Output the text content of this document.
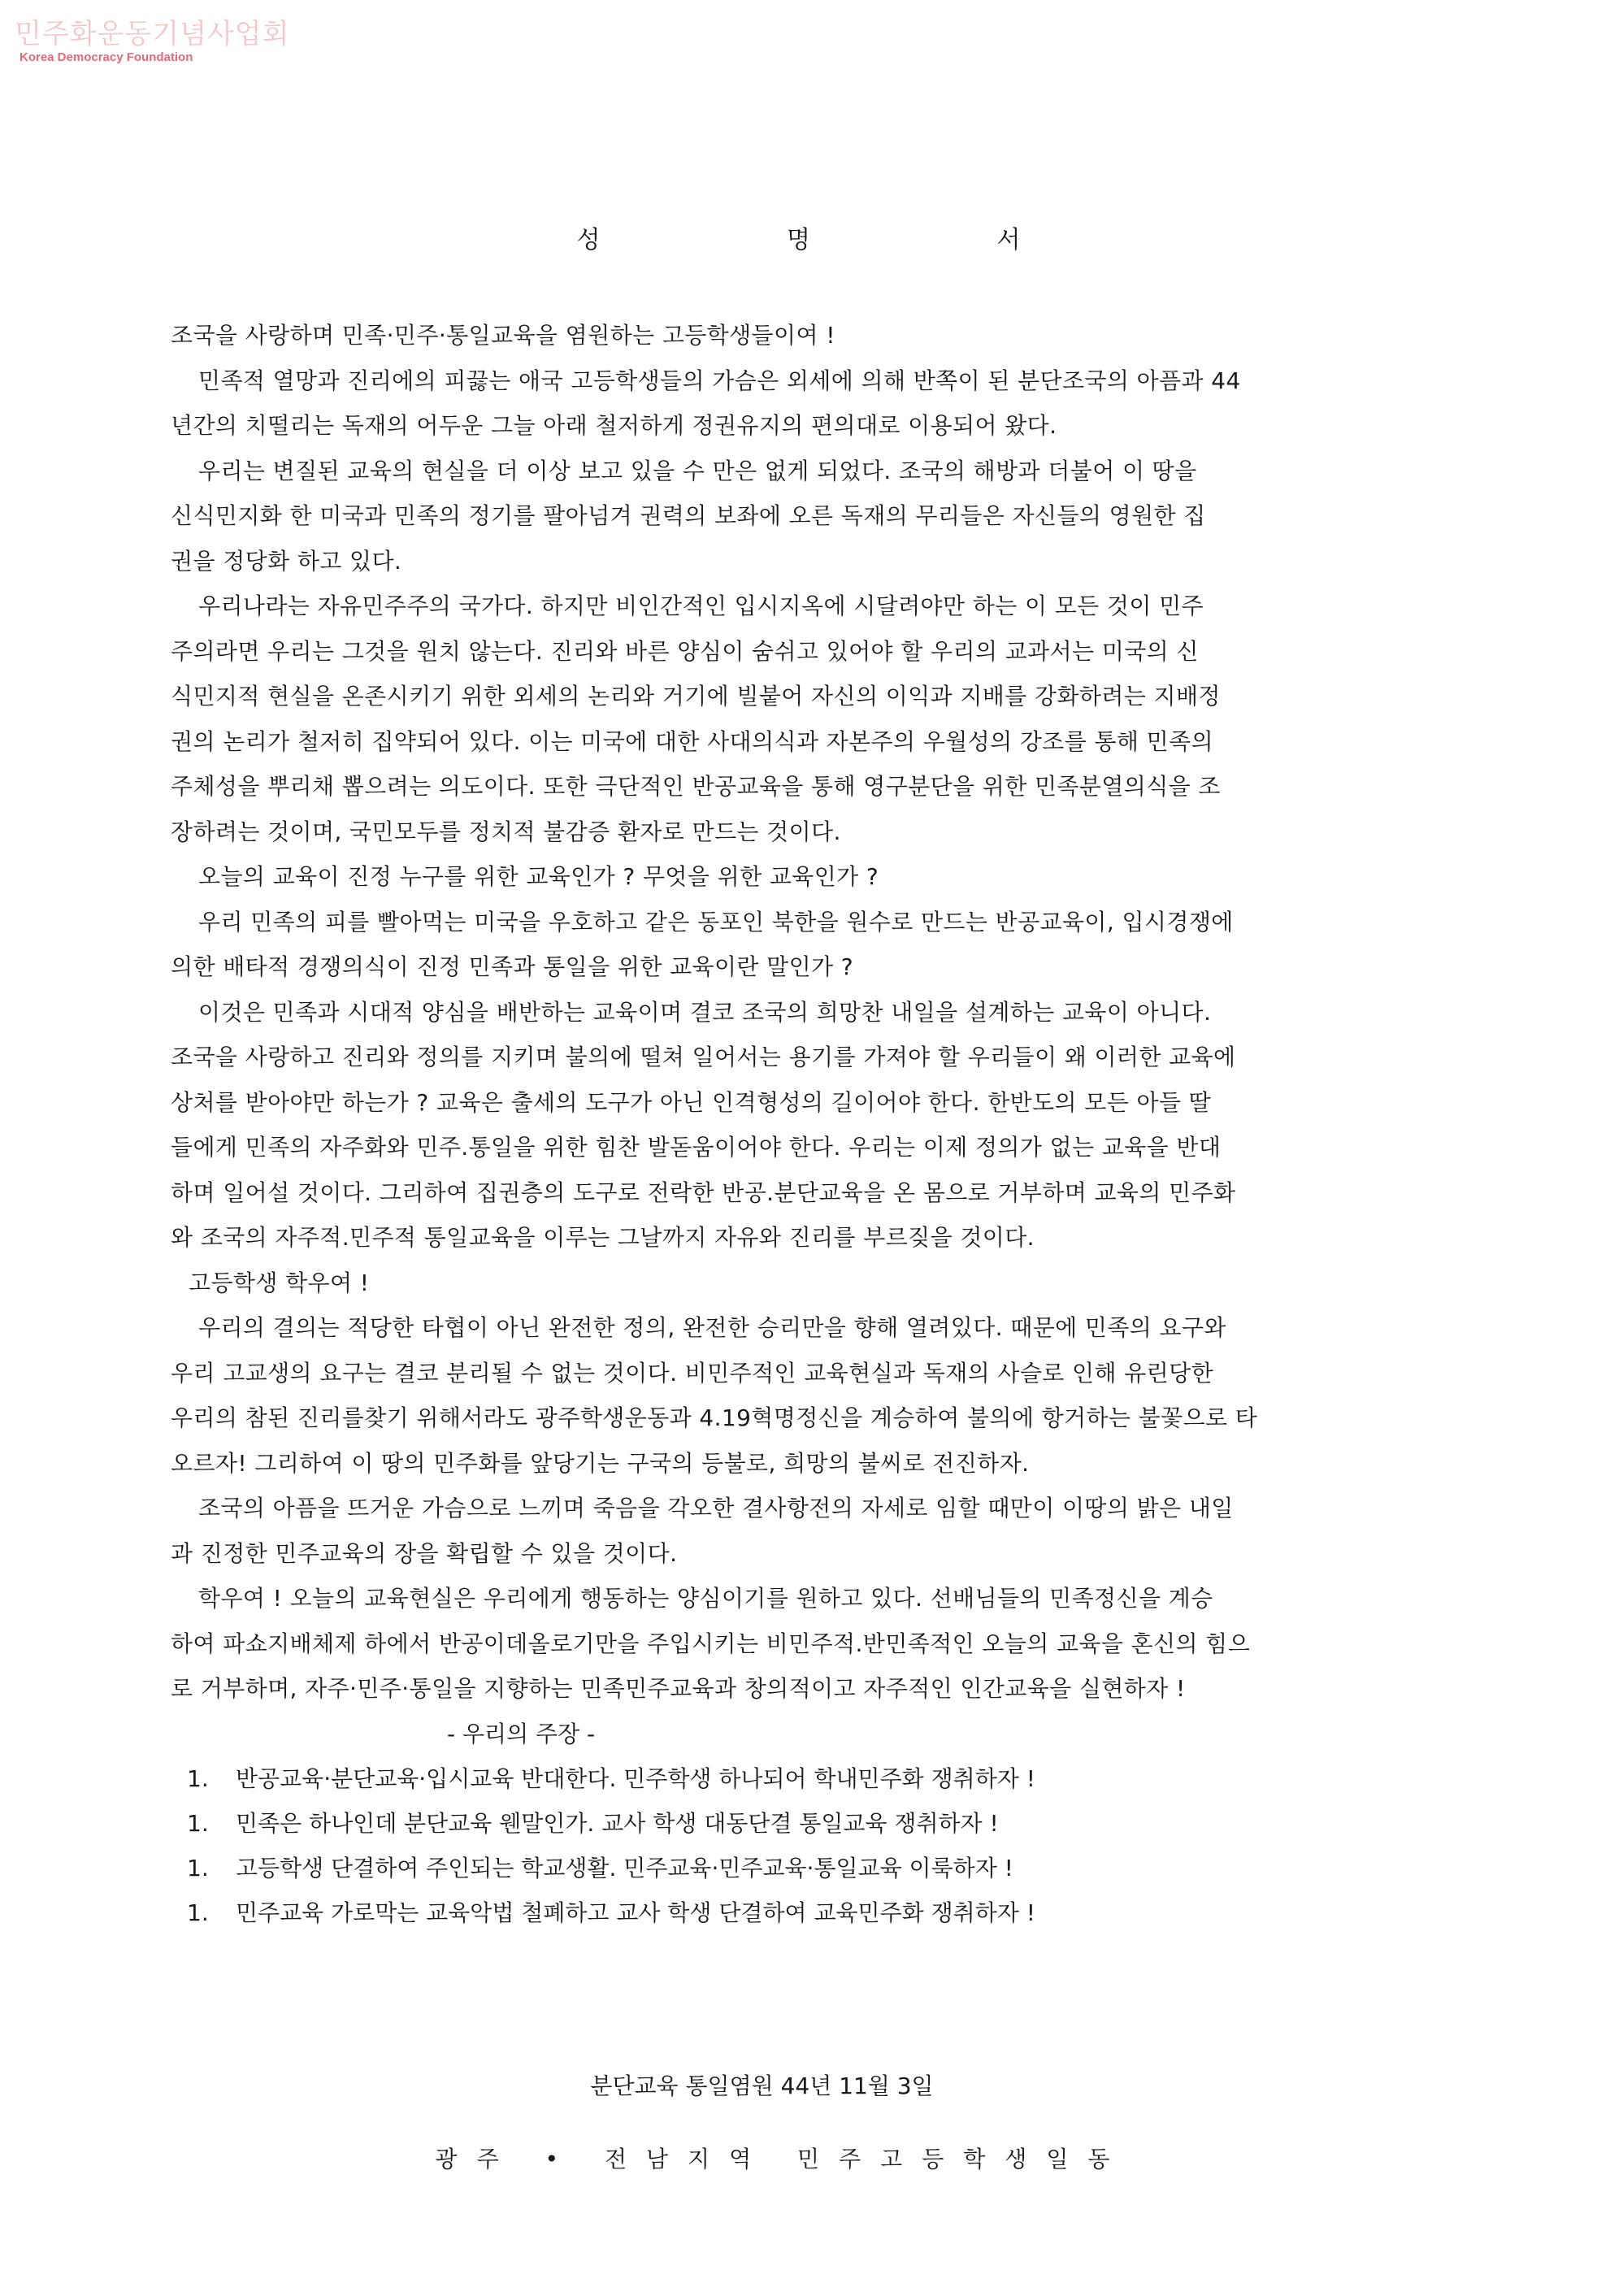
민주화운동기념사업회
Korea Democracy Foundation
성 명 서
조국을 사랑하며 민족·민주·통일교육을 염원하는 고등학생들이여 !
민족적 열망과 진리에의 피끓는 애국 고등학생들의 가슴은 외세에 의해 반쪽이 된 분단조국의 아픔과 44
년간의 치떨리는 독재의 어두운 그늘 아래 철저하게 정권유지의 편의대로 이용되어 왔다.
우리는 변질된 교육의 현실을 더 이상 보고 있을 수 만은 없게 되었다. 조국의 해방과 더불어 이 땅을
신식민지화 한 미국과 민족의 정기를 팔아넘겨 권력의 보좌에 오른 독재의 무리들은 자신들의 영원한 집
권을 정당화 하고 있다.
우리나라는 자유민주주의 국가다. 하지만 비인간적인 입시지옥에 시달려야만 하는 이 모든 것이 민주
주의라면 우리는 그것을 원치 않는다. 진리와 바른 양심이 숨쉬고 있어야 할 우리의 교과서는 미국의 신
식민지적 현실을 온존시키기 위한 외세의 논리와 거기에 빌붙어 자신의 이익과 지배를 강화하려는 지배정
권의 논리가 철저히 집약되어 있다. 이는 미국에 대한 사대의식과 자본주의 우월성의 강조를 통해 민족의
주체성을 뿌리채 뽑으려는 의도이다. 또한 극단적인 반공교육을 통해 영구분단을 위한 민족분열의식을 조
장하려는 것이며, 국민모두를 정치적 불감증 환자로 만드는 것이다.
오늘의 교육이 진정 누구를 위한 교육인가 ? 무엇을 위한 교육인가 ?
우리 민족의 피를 빨아먹는 미국을 우호하고 같은 동포인 북한을 원수로 만드는 반공교육이, 입시경쟁에
의한 배타적 경쟁의식이 진정 민족과 통일을 위한 교육이란 말인가 ?
이것은 민족과 시대적 양심을 배반하는 교육이며 결코 조국의 희망찬 내일을 설계하는 교육이 아니다.
조국을 사랑하고 진리와 정의를 지키며 불의에 떨쳐 일어서는 용기를 가져야 할 우리들이 왜 이러한 교육에
상처를 받아야만 하는가 ? 교육은 출세의 도구가 아닌 인격형성의 길이어야 한다. 한반도의 모든 아들 딸
들에게 민족의 자주화와 민주.통일을 위한 힘찬 발돋움이어야 한다. 우리는 이제 정의가 없는 교육을 반대
하며 일어설 것이다. 그리하여 집권층의 도구로 전락한 반공.분단교육을 온 몸으로 거부하며 교육의 민주화
와 조국의 자주적.민주적 통일교육을 이루는 그날까지 자유와 진리를 부르짖을 것이다.
고등학생 학우여 !
우리의 결의는 적당한 타협이 아닌 완전한 정의, 완전한 승리만을 향해 열려있다. 때문에 민족의 요구와
우리 고교생의 요구는 결코 분리될 수 없는 것이다. 비민주적인 교육현실과 독재의 사슬로 인해 유린당한
우리의 참된 진리를찾기 위해서라도 광주학생운동과 4.19혁명정신을 계승하여 불의에 항거하는 불꽃으로 타
오르자! 그리하여 이 땅의 민주화를 앞당기는 구국의 등불로, 희망의 불씨로 전진하자.
조국의 아픔을 뜨거운 가슴으로 느끼며 죽음을 각오한 결사항전의 자세로 임할 때만이 이땅의 밝은 내일
과 진정한 민주교육의 장을 확립할 수 있을 것이다.
학우여 ! 오늘의 교육현실은 우리에게 행동하는 양심이기를 원하고 있다. 선배님들의 민족정신을 계승
하여 파쇼지배체제 하에서 반공이데올로기만을 주입시키는 비민주적.반민족적인 오늘의 교육을 혼신의 힘으
로 거부하며, 자주·민주·통일을 지향하는 민족민주교육과 창의적이고 자주적인 인간교육을 실현하자 !
- 우리의 주장 -
1.	반공교육·분단교육·입시교육 반대한다. 민주학생 하나되어 학내민주화 쟁취하자 !
1.	민족은 하나인데 분단교육 웬말인가. 교사 학생 대동단결 통일교육 쟁취하자 !
1.	고등학생 단결하여 주인되는 학교생활. 민주교육·민주교육·통일교육 이룩하자 !
1.	민주교육 가로막는 교육악법 철폐하고 교사 학생 단결하여 교육민주화 쟁취하자 !
분단교육 통일염원 44년 11월 3일
광주 • 전남지역 민주고등학생일동
